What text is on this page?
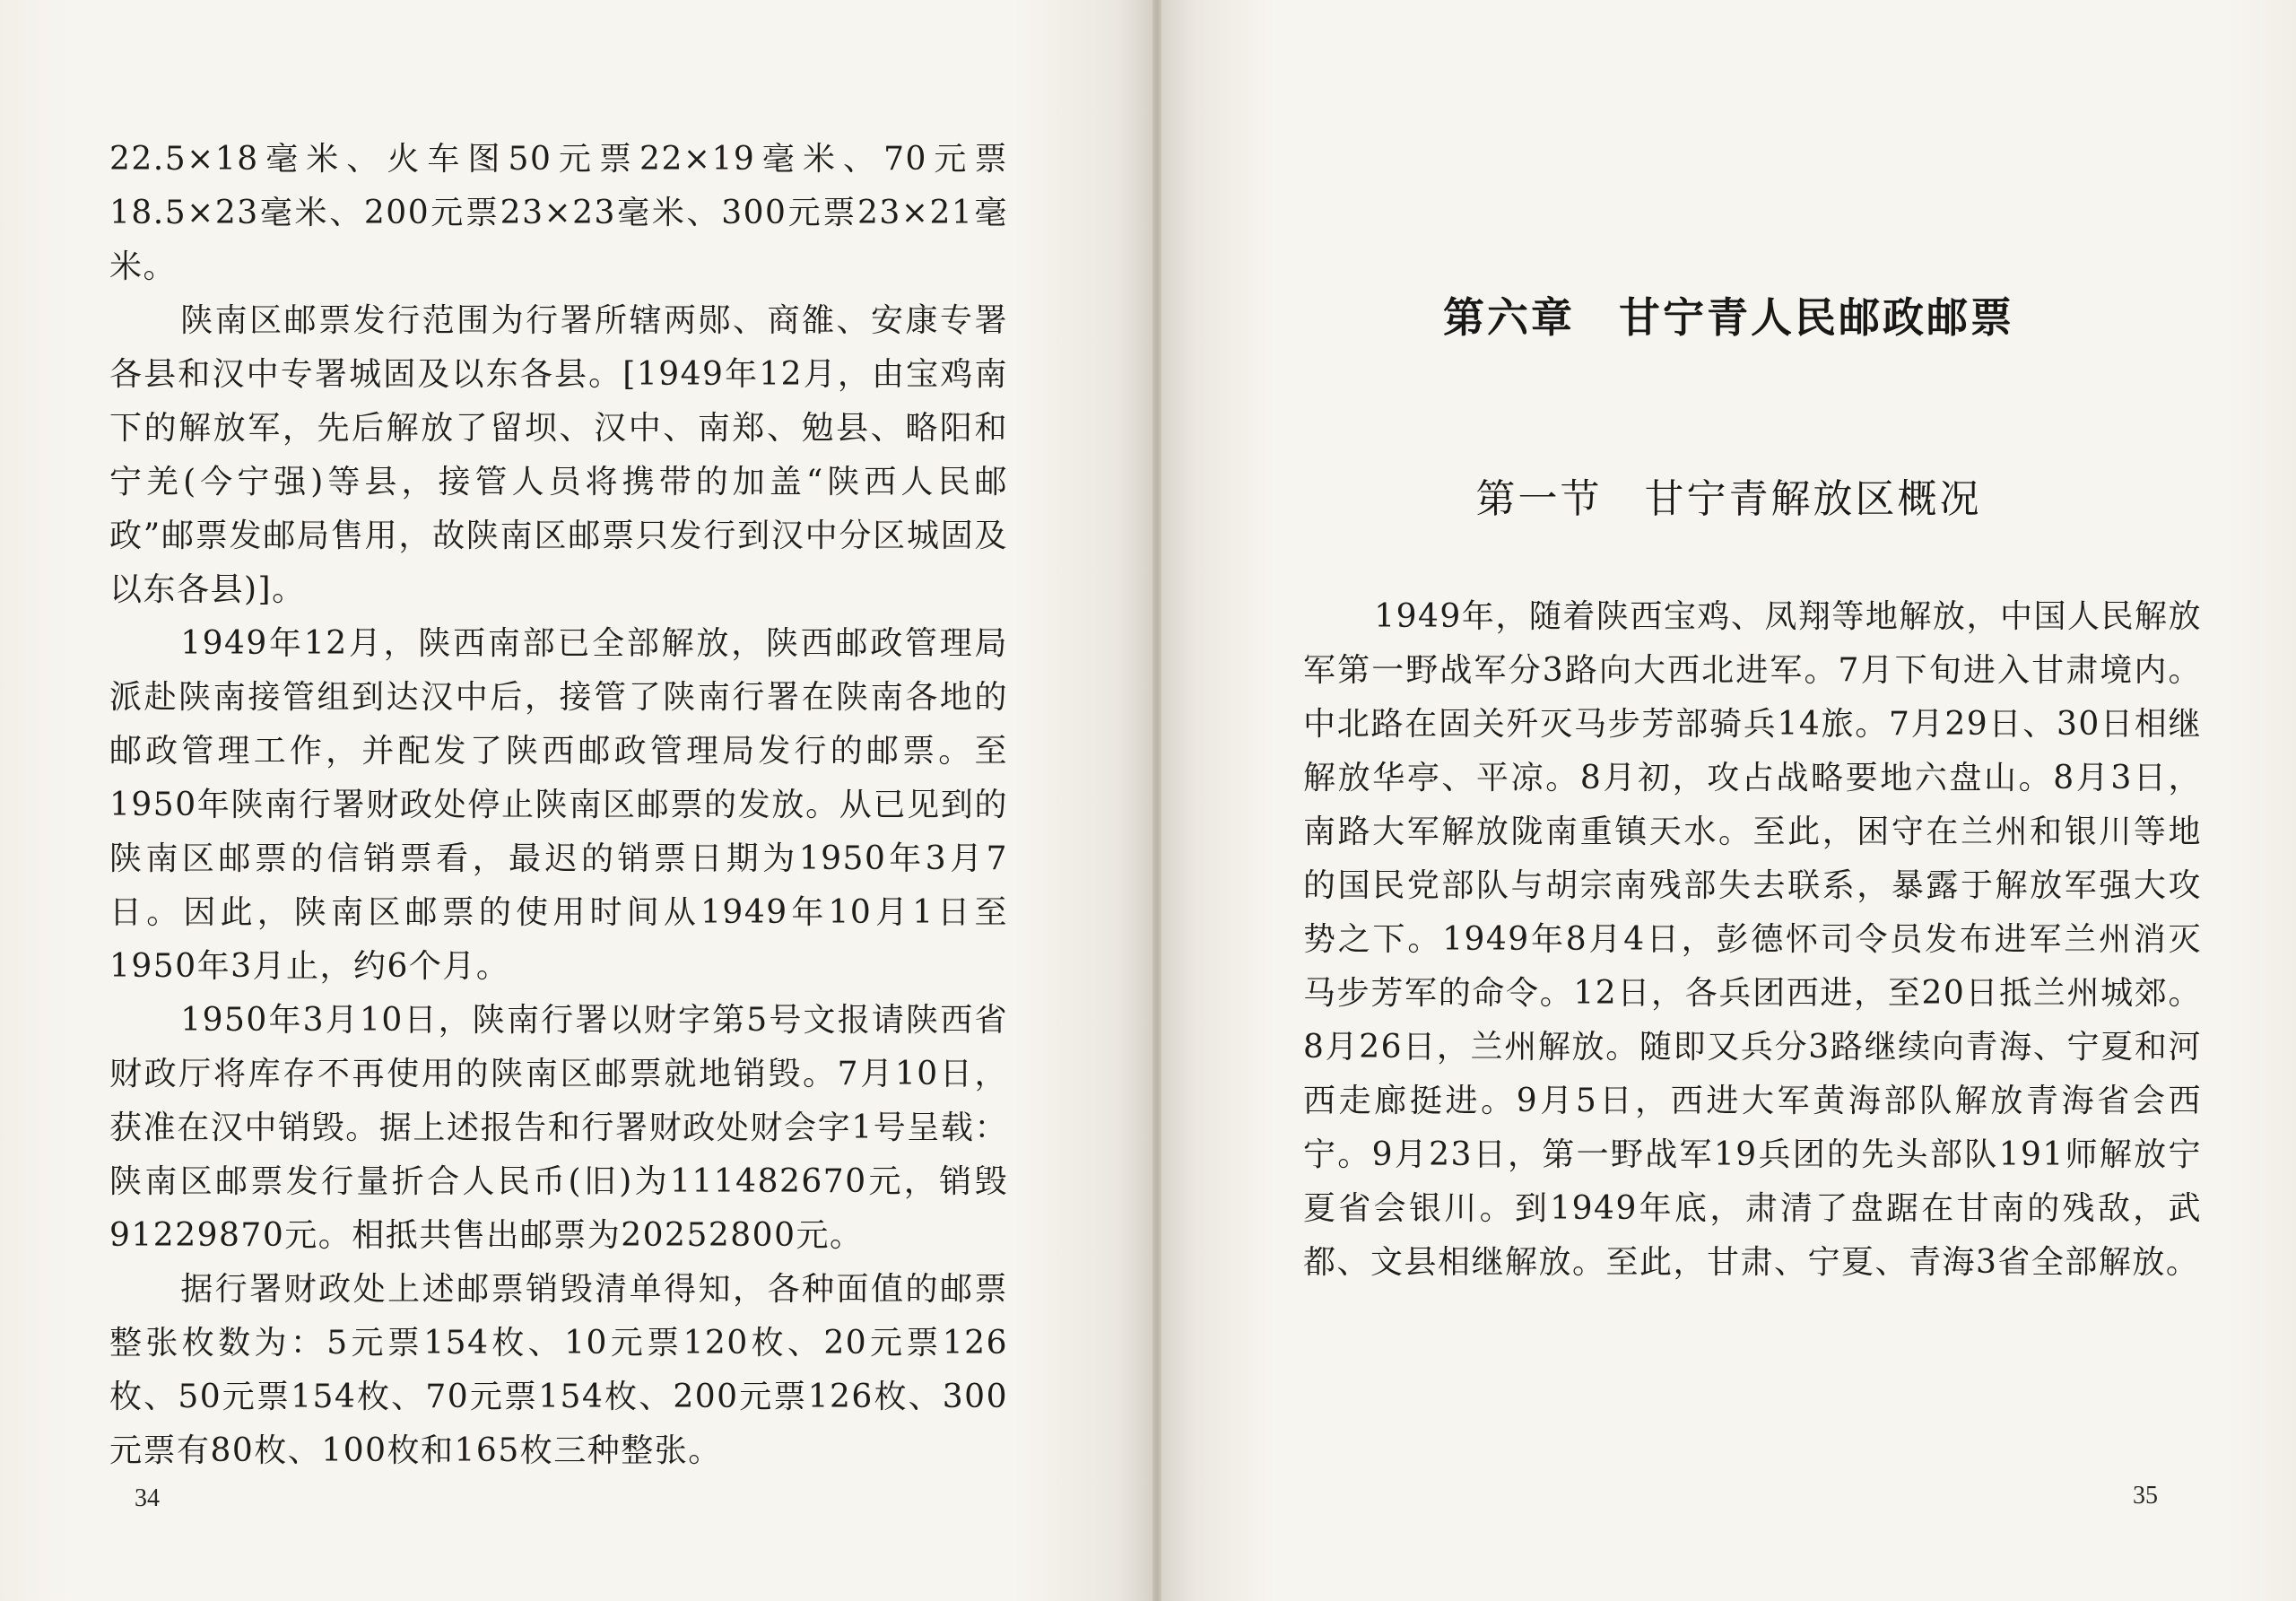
22.5×18毫米、火车图50元票22×19毫米、70元票18.5×23毫米、200元票23×23毫米、300元票23×21毫米。

陕南区邮票发行范围为行署所辖两郧、商雒、安康专署各县和汉中专署城固及以东各县。[1949年12月，由宝鸡南下的解放军，先后解放了留坝、汉中、南郑、勉县、略阳和宁羌(今宁强)等县，接管人员将携带的加盖“陕西人民邮政”邮票发邮局售用，故陕南区邮票只发行到汉中分区城固及以东各县)]。

1949年12月，陕西南部已全部解放，陕西邮政管理局派赴陕南接管组到达汉中后，接管了陕南行署在陕南各地的邮政管理工作，并配发了陕西邮政管理局发行的邮票。至1950年陕南行署财政处停止陕南区邮票的发放。从已见到的陕南区邮票的信销票看，最迟的销票日期为1950年3月7日。因此，陕南区邮票的使用时间从1949年10月1日至1950年3月止，约6个月。

1950年3月10日，陕南行署以财字第5号文报请陕西省财政厅将库存不再使用的陕南区邮票就地销毁。7月10日，获准在汉中销毁。据上述报告和行署财政处财会字1号呈载：陕南区邮票发行量折合人民币(旧)为111482670元，销毁91229870元。相抵共售出邮票为20252800元。

据行署财政处上述邮票销毁清单得知，各种面值的邮票整张枚数为：5元票154枚、10元票120枚、20元票126枚、50元票154枚、70元票154枚、200元票126枚、300元票有80枚、100枚和165枚三种整张。

34
第六章　甘宁青人民邮政邮票
第一节　甘宁青解放区概况

1949年，随着陕西宝鸡、凤翔等地解放，中国人民解放军第一野战军分3路向大西北进军。7月下旬进入甘肃境内。中北路在固关歼灭马步芳部骑兵14旅。7月29日、30日相继解放华亭、平凉。8月初，攻占战略要地六盘山。8月3日，南路大军解放陇南重镇天水。至此，困守在兰州和银川等地的国民党部队与胡宗南残部失去联系，暴露于解放军强大攻势之下。1949年8月4日，彭德怀司令员发布进军兰州消灭马步芳军的命令。12日，各兵团西进，至20日抵兰州城郊。8月26日，兰州解放。随即又兵分3路继续向青海、宁夏和河西走廊挺进。9月5日，西进大军黄海部队解放青海省会西宁。9月23日，第一野战军19兵团的先头部队191师解放宁夏省会银川。到1949年底，肃清了盘踞在甘南的残敌，武都、文县相继解放。至此，甘肃、宁夏、青海3省全部解放。

35
